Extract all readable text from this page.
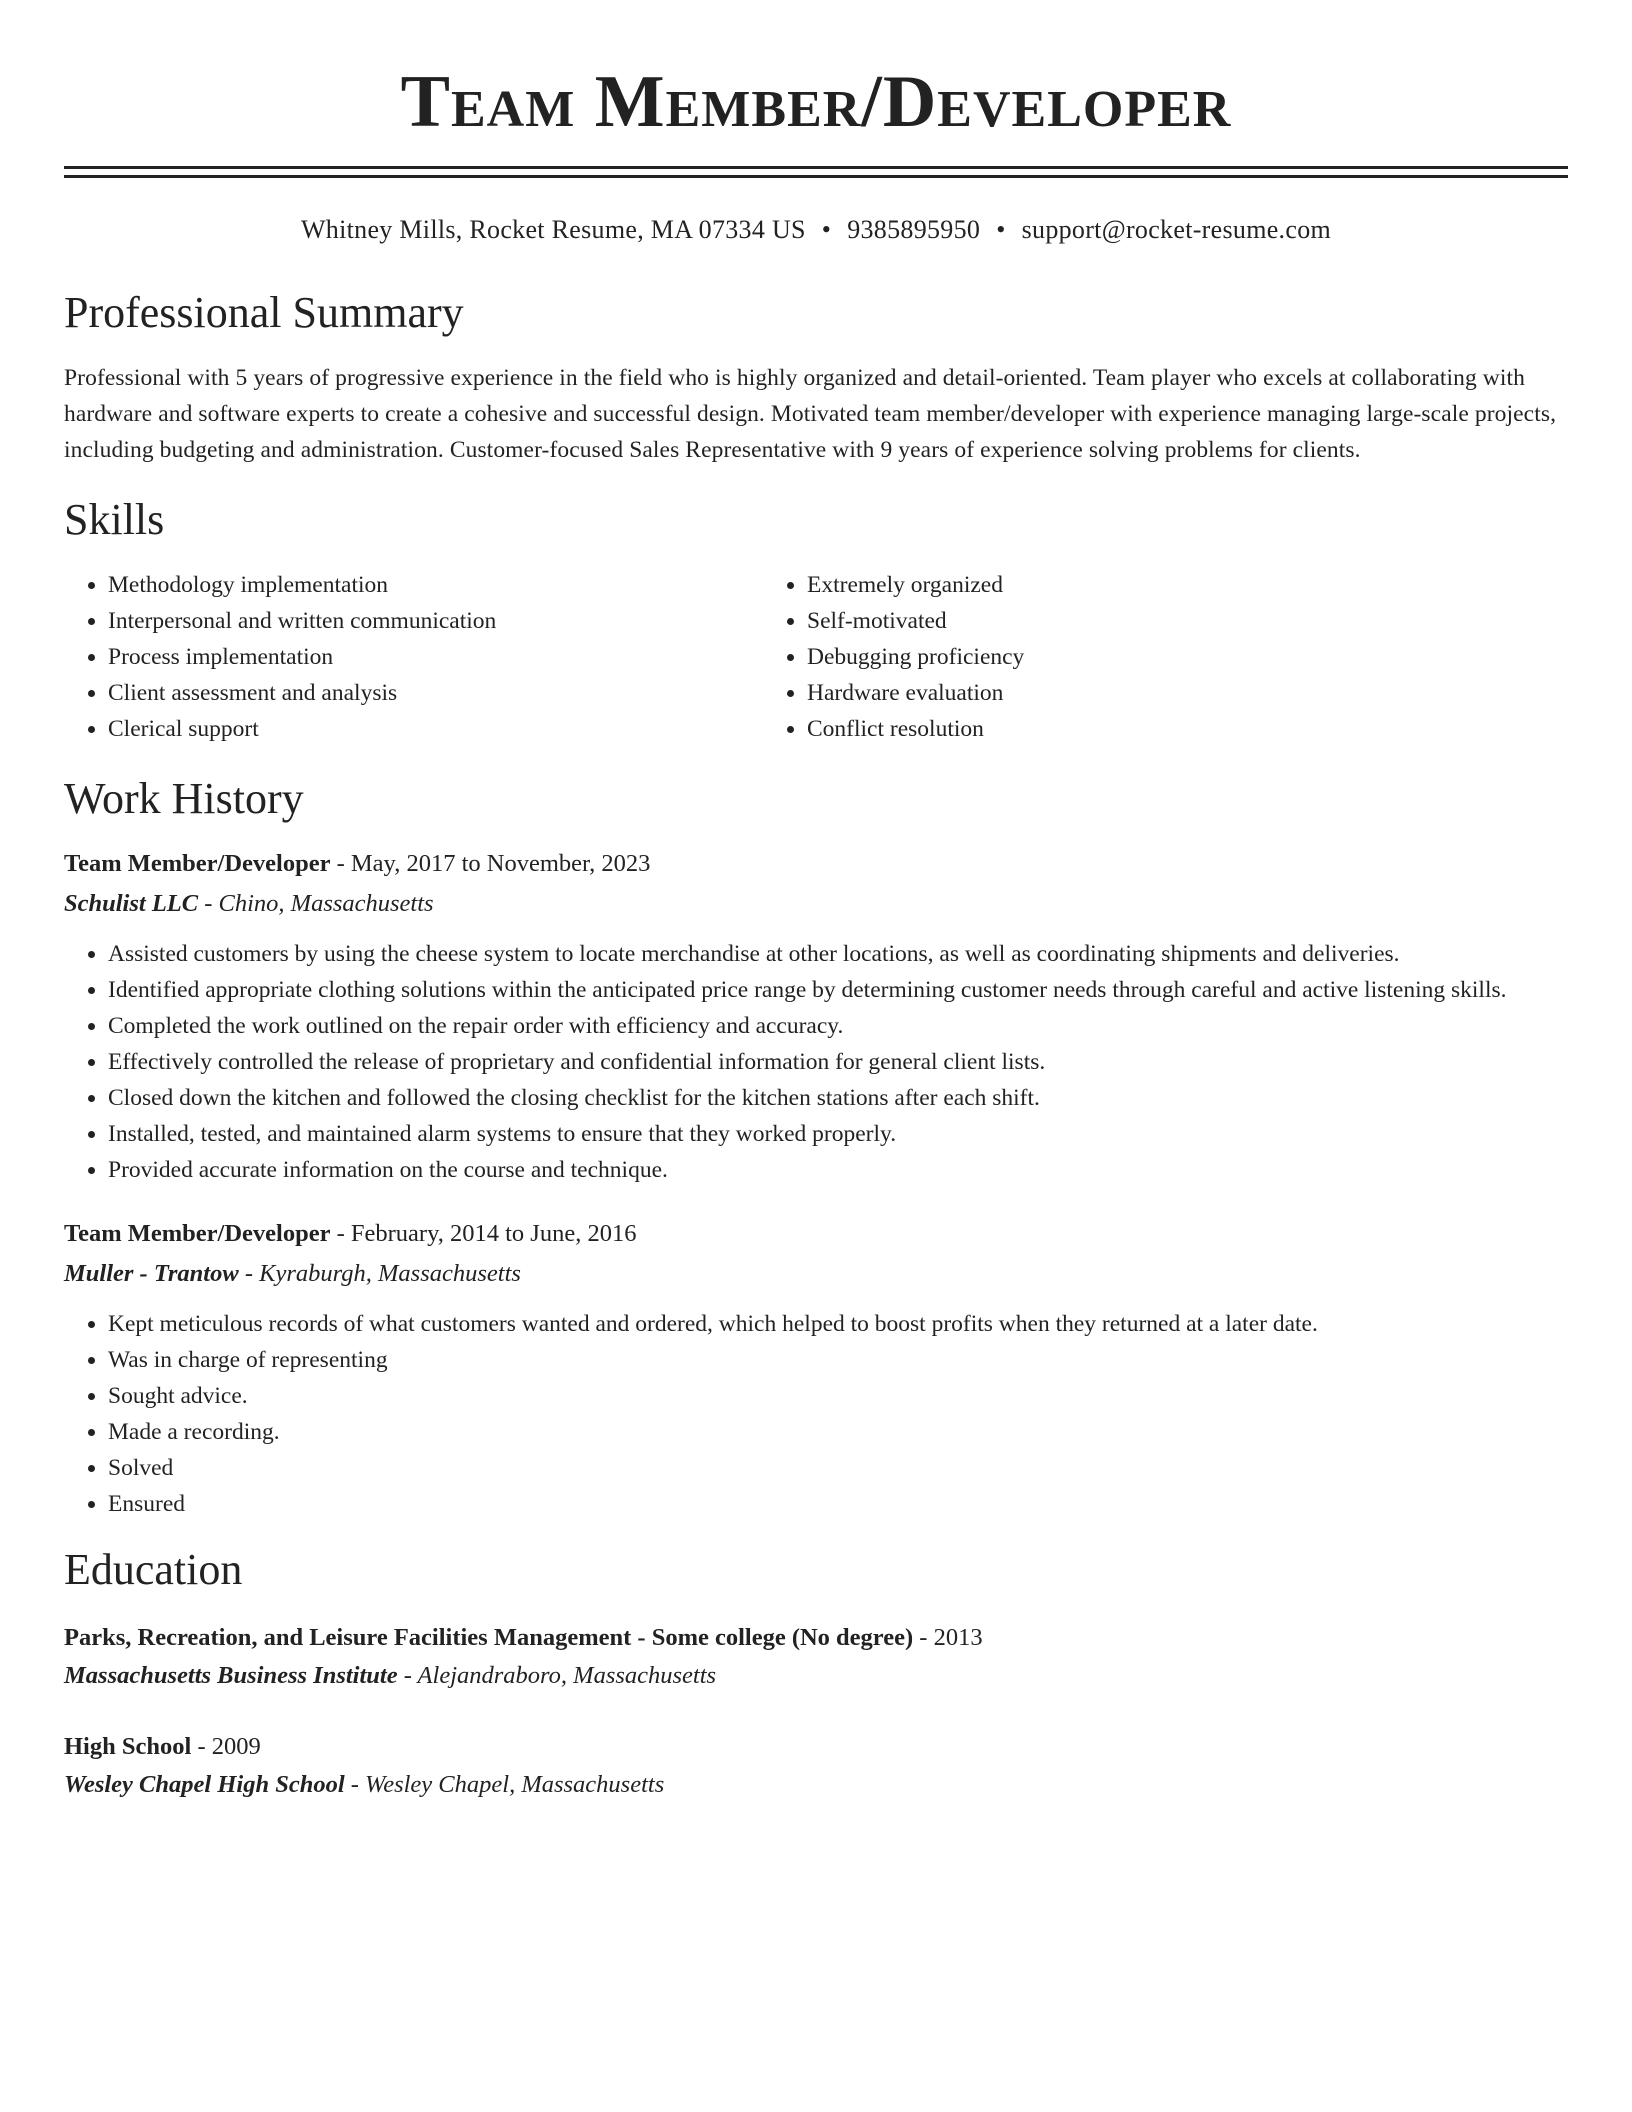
Team Member/Developer
Whitney Mills, Rocket Resume, MA 07334 US • 9385895950 • support@rocket-resume.com
Professional Summary
Professional with 5 years of progressive experience in the field who is highly organized and detail-oriented. Team player who excels at collaborating with hardware and software experts to create a cohesive and successful design. Motivated team member/developer with experience managing large-scale projects, including budgeting and administration. Customer-focused Sales Representative with 9 years of experience solving problems for clients.
Skills
• Methodology implementation
• Interpersonal and written communication
• Process implementation
• Client assessment and analysis
• Clerical support
• Extremely organized
• Self-motivated
• Debugging proficiency
• Hardware evaluation
• Conflict resolution
Work History
Team Member/Developer - May, 2017 to November, 2023
Schulist LLC - Chino, Massachusetts
• Assisted customers by using the cheese system to locate merchandise at other locations, as well as coordinating shipments and deliveries.
• Identified appropriate clothing solutions within the anticipated price range by determining customer needs through careful and active listening skills.
• Completed the work outlined on the repair order with efficiency and accuracy.
• Effectively controlled the release of proprietary and confidential information for general client lists.
• Closed down the kitchen and followed the closing checklist for the kitchen stations after each shift.
• Installed, tested, and maintained alarm systems to ensure that they worked properly.
• Provided accurate information on the course and technique.
Team Member/Developer - February, 2014 to June, 2016
Muller - Trantow - Kyraburgh, Massachusetts
• Kept meticulous records of what customers wanted and ordered, which helped to boost profits when they returned at a later date.
• Was in charge of representing
• Sought advice.
• Made a recording.
• Solved
• Ensured
Education
Parks, Recreation, and Leisure Facilities Management - Some college (No degree) - 2013
Massachusetts Business Institute - Alejandraboro, Massachusetts
High School - 2009
Wesley Chapel High School - Wesley Chapel, Massachusetts
